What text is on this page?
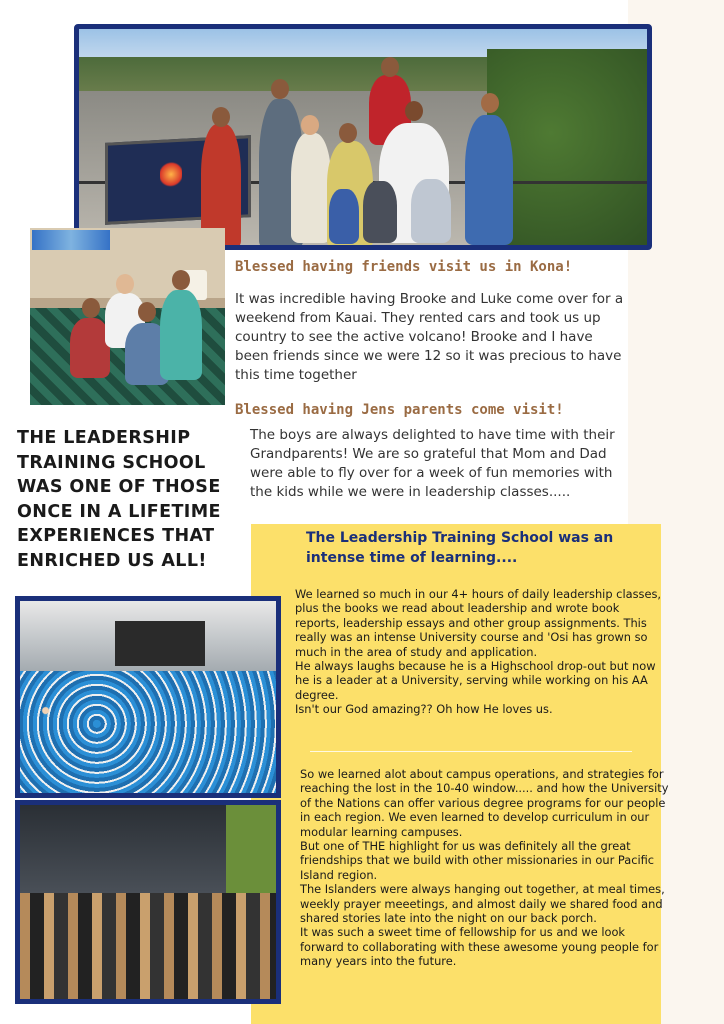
Blessed having friends visit us in Kona!

It was incredible having Brooke and Luke come over for a weekend from Kauai. They rented cars and took us up country to see the active volcano! Brooke and I have been friends since we were 12 so it was precious to have this time together

Blessed having Jens parents come visit!

The boys are always delighted to have time with their Grandparents! We are so grateful that Mom and Dad were able to fly over for a week of fun memories with the kids while we were in leadership classes.....

THE LEADERSHIP TRAINING SCHOOL WAS ONE OF THOSE ONCE IN A LIFETIME EXPERIENCES THAT ENRICHED US ALL!

The Leadership Training School was an intense time of learning....

We learned so much in our 4+ hours of daily leadership classes, plus the books we read about leadership and wrote book reports, leadership essays and other group assignments. This really was an intense University course and 'Osi has grown so much in the area of study and application.

He always laughs because he is a Highschool drop-out but now he is a leader at a University, serving while working on his AA degree.

Isn't our God amazing?? Oh how He loves us.

So we learned alot about campus operations, and strategies for reaching the lost in the 10-40 window..... and how the University of the Nations can offer various degree programs for our people in each region. We even learned to develop curriculum in our modular learning campuses.

But one of THE highlight for us was definitely all the great friendships that we build with other missionaries in our Pacific Island region.

The Islanders were always hanging out together, at meal times, weekly prayer meeetings, and almost daily we shared food and shared stories late into the night on our back porch.

It was such a sweet time of fellowship for us and we look forward to collaborating with these awesome young people for many years into the future.
